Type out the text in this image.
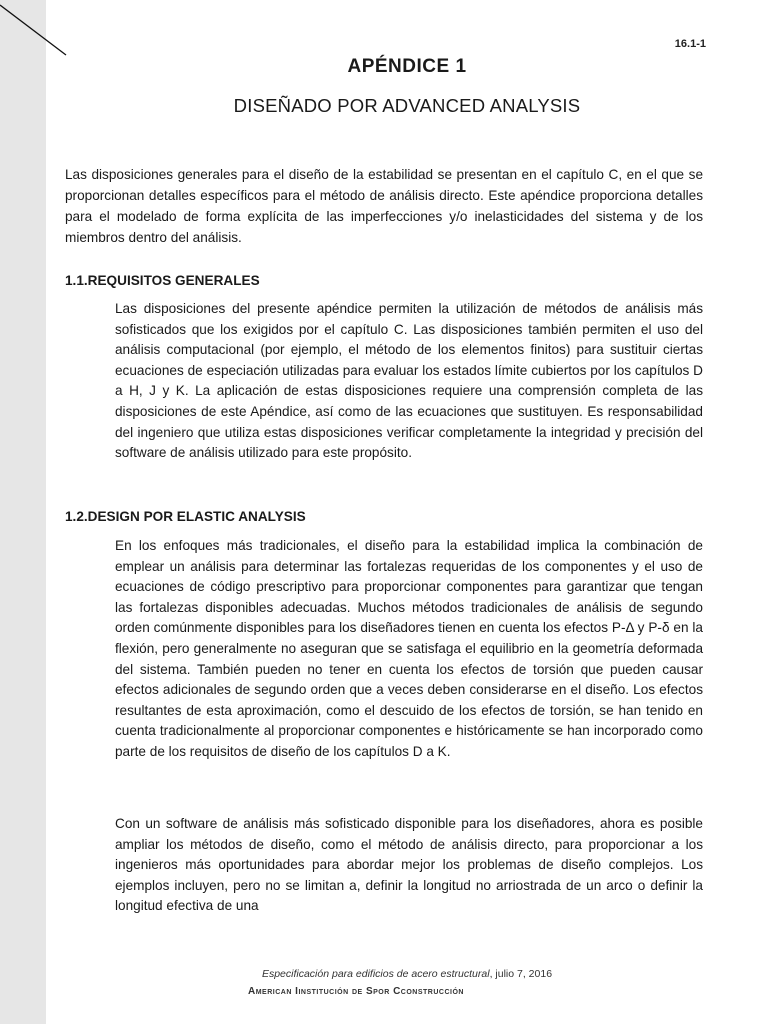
16.1-1
APÉNDICE 1
DISEÑADO POR ADVANCED ANALYSIS

Las disposiciones generales para el diseño de la estabilidad se presentan en el capítulo C, en el que se proporcionan detalles específicos para el método de análisis directo. Este apéndice proporciona detalles para el modelado de forma explícita de las imperfecciones y/o inelasticidades del sistema y de los miembros dentro del análisis.

1.1.REQUISITOS GENERALES

Las disposiciones del presente apéndice permiten la utilización de métodos de análisis más sofisticados que los exigidos por el capítulo C. Las disposiciones también permiten el uso del análisis computacional (por ejemplo, el método de los elementos finitos) para sustituir ciertas ecuaciones de especiación utilizadas para evaluar los estados límite cubiertos por los capítulos D a H, J y K. La aplicación de estas disposiciones requiere una comprensión completa de las disposiciones de este Apéndice, así como de las ecuaciones que sustituyen. Es responsabilidad del ingeniero que utiliza estas disposiciones verificar completamente la integridad y precisión del software de análisis utilizado para este propósito.

1.2.DESIGN POR ELASTIC ANALYSIS

En los enfoques más tradicionales, el diseño para la estabilidad implica la combinación de emplear un análisis para determinar las fortalezas requeridas de los componentes y el uso de ecuaciones de código prescriptivo para proporcionar componentes para garantizar que tengan las fortalezas disponibles adecuadas. Muchos métodos tradicionales de análisis de segundo orden comúnmente disponibles para los diseñadores tienen en cuenta los efectos P-Δ y P-δ en la flexión, pero generalmente no aseguran que se satisfaga el equilibrio en la geometría deformada del sistema. También pueden no tener en cuenta los efectos de torsión que pueden causar efectos adicionales de segundo orden que a veces deben considerarse en el diseño. Los efectos resultantes de esta aproximación, como el descuido de los efectos de torsión, se han tenido en cuenta tradicionalmente al proporcionar componentes e históricamente se han incorporado como parte de los requisitos de diseño de los capítulos D a K.

Con un software de análisis más sofisticado disponible para los diseñadores, ahora es posible ampliar los métodos de diseño, como el método de análisis directo, para proporcionar a los ingenieros más oportunidades para abordar mejor los problemas de diseño complejos. Los ejemplos incluyen, pero no se limitan a, definir la longitud no arriostrada de un arco o definir la longitud efectiva de una

Especificación para edificios de acero estructural, julio 7, 2016
American Iinstitución de Spor Cconstrucción
